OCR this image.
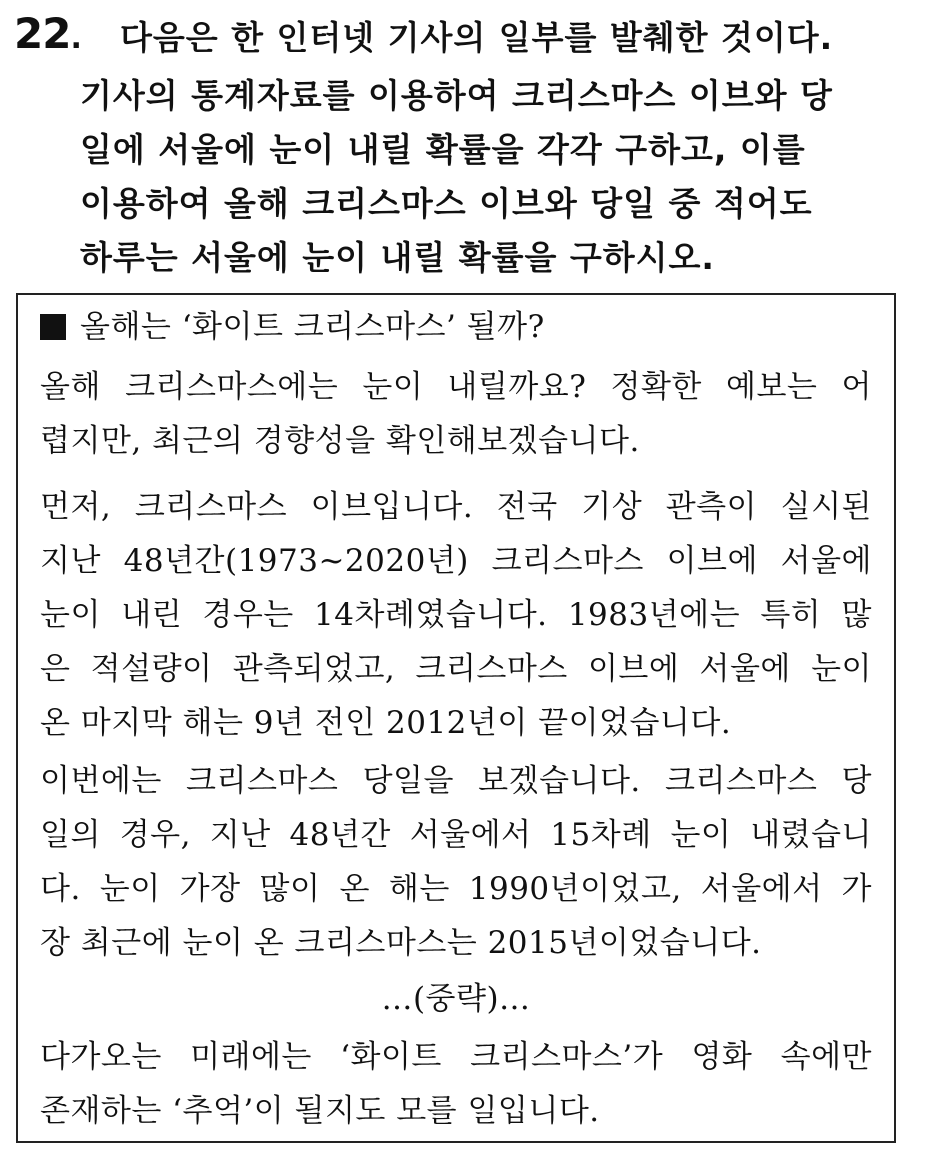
22. 다음은 한 인터넷 기사의 일부를 발췌한 것이다.
기사의 통계자료를 이용하여 크리스마스 이브와 당
일에 서울에 눈이 내릴 확률을 각각 구하고, 이를
이용하여 올해 크리스마스 이브와 당일 중 적어도
하루는 서울에 눈이 내릴 확률을 구하시오.
올해는 ‘화이트 크리스마스’ 될까?
올해 크리스마스에는 눈이 내릴까요? 정확한 예보는 어
렵지만, 최근의 경향성을 확인해보겠습니다.
먼저, 크리스마스 이브입니다. 전국 기상 관측이 실시된
지난 48년간(1973~2020년) 크리스마스 이브에 서울에
눈이 내린 경우는 14차례였습니다. 1983년에는 특히 많
은 적설량이 관측되었고, 크리스마스 이브에 서울에 눈이
온 마지막 해는 9년 전인 2012년이 끝이었습니다.
이번에는 크리스마스 당일을 보겠습니다. 크리스마스 당
일의 경우, 지난 48년간 서울에서 15차례 눈이 내렸습니
다. 눈이 가장 많이 온 해는 1990년이었고, 서울에서 가
장 최근에 눈이 온 크리스마스는 2015년이었습니다.
…(중략)…
다가오는 미래에는 ‘화이트 크리스마스’가 영화 속에만
존재하는 ‘추억’이 될지도 모를 일입니다.
